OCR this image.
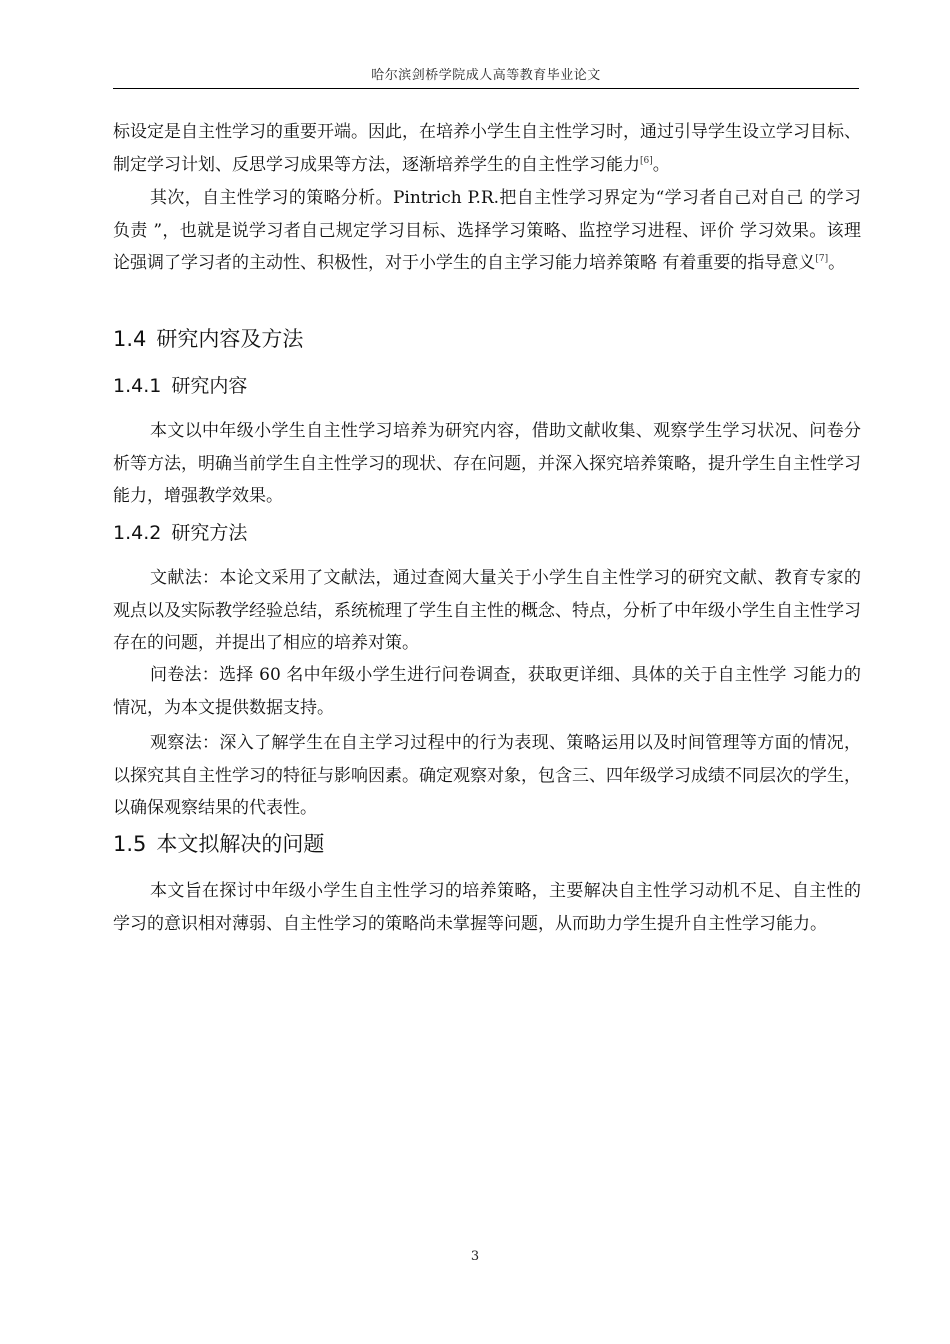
哈尔滨剑桥学院成人高等教育毕业论文

标设定是自主性学习的重要开端。因此，在培养小学生自主性学习时，通过引导学生设立学习目标、制定学习计划、反思学习成果等方法，逐渐培养学生的自主性学习能力[6]。

其次，自主性学习的策略分析。Pintrich P.R.把自主性学习界定为“学习者自己对自己 的学习负责 ”，也就是说学习者自己规定学习目标、选择学习策略、监控学习进程、评价 学习效果。该理论强调了学习者的主动性、积极性，对于小学生的自主学习能力培养策略 有着重要的指导意义[7]。

1.4 研究内容及方法
1.4.1 研究内容

本文以中年级小学生自主性学习培养为研究内容，借助文献收集、观察学生学习状况、问卷分析等方法，明确当前学生自主性学习的现状、存在问题，并深入探究培养策略，提升学生自主性学习能力，增强教学效果。

1.4.2 研究方法

文献法：本论文采用了文献法，通过查阅大量关于小学生自主性学习的研究文献、教育专家的观点以及实际教学经验总结，系统梳理了学生自主性的概念、特点，分析了中年级小学生自主性学习存在的问题，并提出了相应的培养对策。

问卷法：选择 60 名中年级小学生进行问卷调查，获取更详细、具体的关于自主性学 习能力的情况，为本文提供数据支持。

观察法：深入了解学生在自主学习过程中的行为表现、策略运用以及时间管理等方面的情况，以探究其自主性学习的特征与影响因素。确定观察对象，包含三、四年级学习成绩不同层次的学生，以确保观察结果的代表性。

1.5 本文拟解决的问题

本文旨在探讨中年级小学生自主性学习的培养策略，主要解决自主性学习动机不足、自主性的学习的意识相对薄弱、自主性学习的策略尚未掌握等问题，从而助力学生提升自主性学习能力。

3
